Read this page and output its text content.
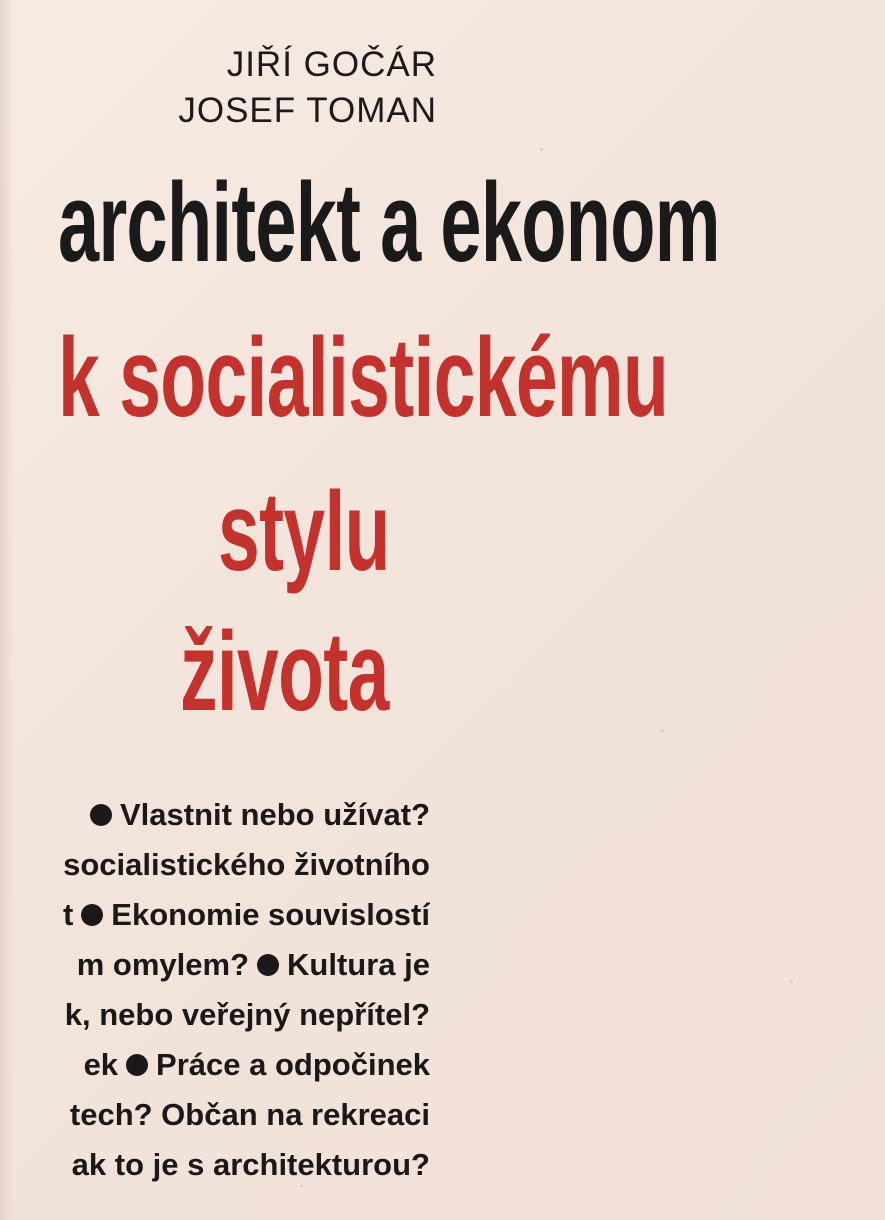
JIŘÍ GOČÁR
JOSEF TOMAN
architekt a ekonom
k socialistickému
stylu
života
Vlastnit nebo užívat?
socialistického životního
t Ekonomie souvislostí
m omylem? Kultura je
k, nebo veřejný nepřítel?
ek Práce a odpočinek
tech? Občan na rekreaci
ak to je s architekturou?
